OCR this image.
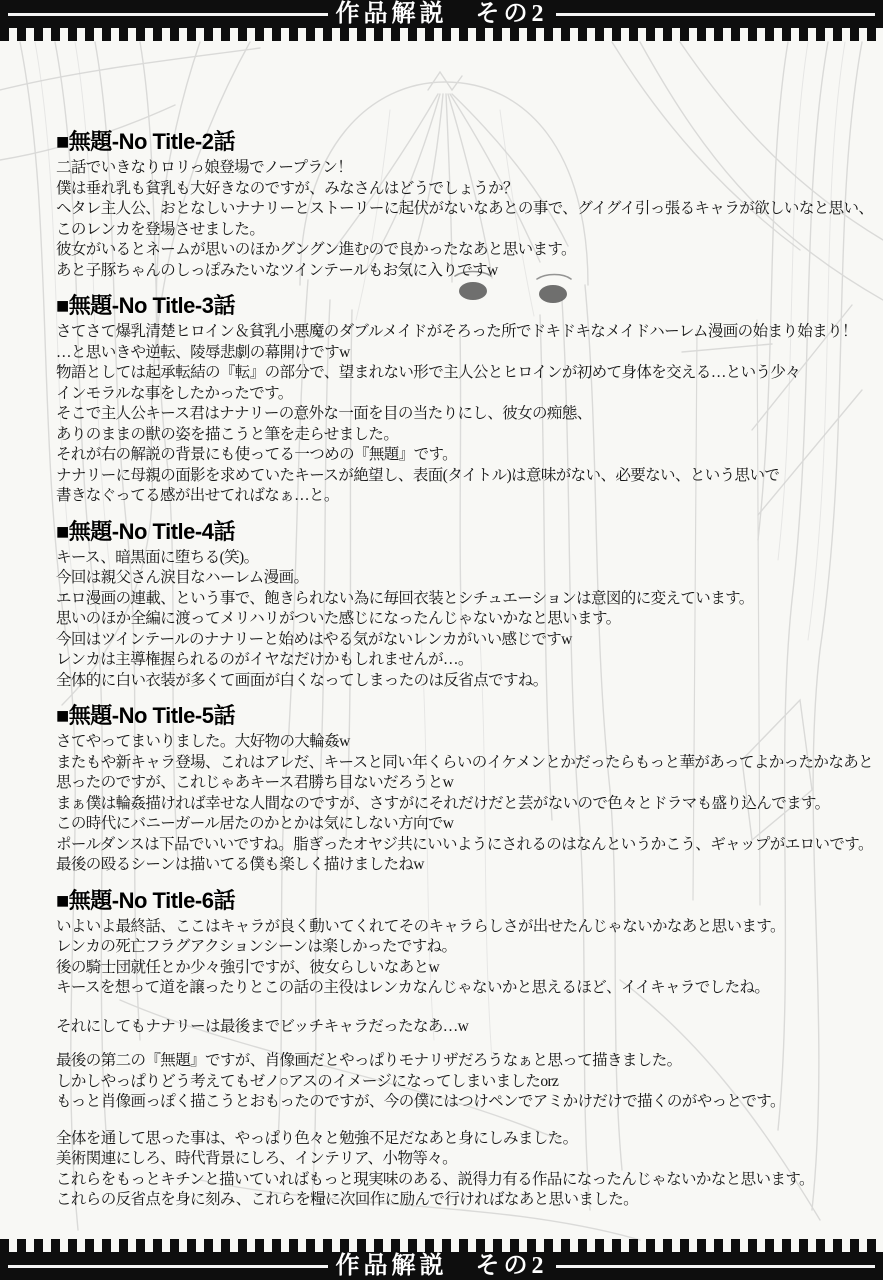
作品解説　その2
■無題-No Title-2話
二話でいきなりロリっ娘登場でノープラン！
僕は垂れ乳も貧乳も大好きなのですが、みなさんはどうでしょうか？
ヘタレ主人公、おとなしいナナリーとストーリーに起伏がないなあとの事で、グイグイ引っ張るキャラが欲しいなと思い、
このレンカを登場させました。
彼女がいるとネームが思いのほかグングン進むので良かったなあと思います。
あと子豚ちゃんのしっぽみたいなツインテールもお気に入りですw
■無題-No Title-3話
さてさて爆乳清楚ヒロイン＆貧乳小悪魔のダブルメイドがそろった所でドキドキなメイドハーレム漫画の始まり始まり！
…と思いきや逆転、陵辱悲劇の幕開けですw
物語としては起承転結の『転』の部分で、望まれない形で主人公とヒロインが初めて身体を交える…という少々
インモラルな事をしたかったです。
そこで主人公キース君はナナリーの意外な一面を目の当たりにし、彼女の痴態、
ありのままの獣の姿を描こうと筆を走らせました。
それが右の解説の背景にも使ってる一つめの『無題』です。
ナナリーに母親の面影を求めていたキースが絶望し、表面(タイトル)は意味がない、必要ない、という思いで
書きなぐってる感が出せてればなぁ…と。
■無題-No Title-4話
キース、暗黒面に堕ちる(笑)。
今回は親父さん涙目なハーレム漫画。
エロ漫画の連載、という事で、飽きられない為に毎回衣装とシチュエーションは意図的に変えています。
思いのほか全編に渡ってメリハリがついた感じになったんじゃないかなと思います。
今回はツインテールのナナリーと始めはやる気がないレンカがいい感じですw
レンカは主導権握られるのがイヤなだけかもしれませんが…。
全体的に白い衣装が多くて画面が白くなってしまったのは反省点ですね。
■無題-No Title-5話
さてやってまいりました。大好物の大輪姦w
またもや新キャラ登場、これはアレだ、キースと同い年くらいのイケメンとかだったらもっと華があってよかったかなあと
思ったのですが、これじゃあキース君勝ち目ないだろうとw
まぁ僕は輪姦描ければ幸せな人間なのですが、さすがにそれだけだと芸がないので色々とドラマも盛り込んでます。
この時代にバニーガール居たのかとかは気にしない方向でw
ポールダンスは下品でいいですね。脂ぎったオヤジ共にいいようにされるのはなんというかこう、ギャップがエロいです。
最後の殴るシーンは描いてる僕も楽しく描けましたねw
■無題-No Title-6話
いよいよ最終話、ここはキャラが良く動いてくれてそのキャラらしさが出せたんじゃないかなあと思います。
レンカの死亡フラグアクションシーンは楽しかったですね。
後の騎士団就任とか少々強引ですが、彼女らしいなあとw
キースを想って道を譲ったりとこの話の主役はレンカなんじゃないかと思えるほど、イイキャラでしたね。
それにしてもナナリーは最後までビッチキャラだったなあ…w
最後の第二の『無題』ですが、肖像画だとやっぱりモナリザだろうなぁと思って描きました。
しかしやっぱりどう考えてもゼノ○アスのイメージになってしまいましたorz
もっと肖像画っぽく描こうとおもったのですが、今の僕にはつけペンでアミかけだけで描くのがやっとです。
全体を通して思った事は、やっぱり色々と勉強不足だなあと身にしみました。
美術関連にしろ、時代背景にしろ、インテリア、小物等々。
これらをもっとキチンと描いていればもっと現実味のある、説得力有る作品になったんじゃないかなと思います。
これらの反省点を身に刻み、これらを糧に次回作に励んで行ければなあと思いました。
作品解説　その2
